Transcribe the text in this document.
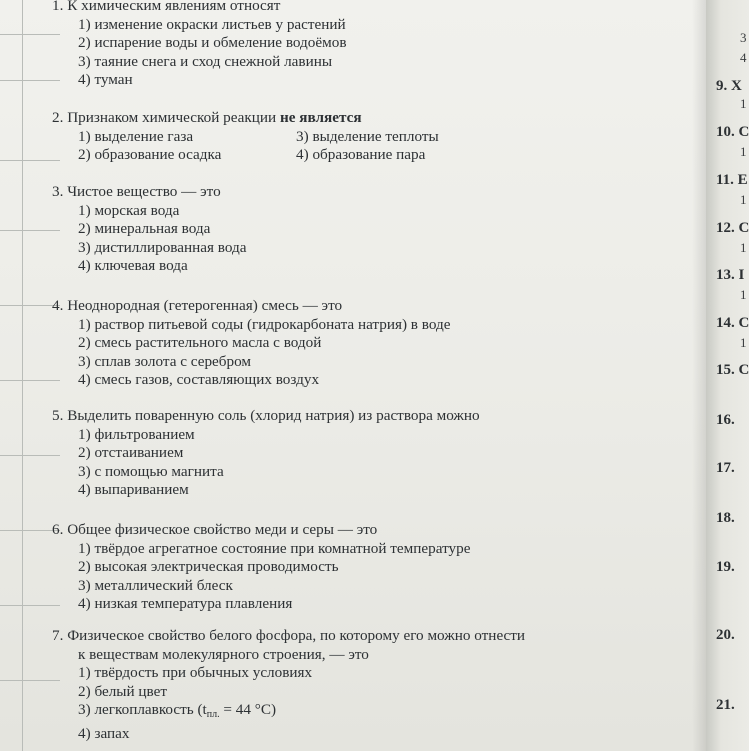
1. К химическим явлениям относят
1) изменение окраски листьев у растений
2) испарение воды и обмеление водоёмов
3) таяние снега и сход снежной лавины
4) туман
2. Признаком химической реакции не является
1) выделение газа	3) выделение теплоты
2) образование осадка	4) образование пара
3. Чистое вещество — это
1) морская вода
2) минеральная вода
3) дистиллированная вода
4) ключевая вода
4. Неоднородная (гетерогенная) смесь — это
1) раствор питьевой соды (гидрокарбоната натрия) в воде
2) смесь растительного масла с водой
3) сплав золота с серебром
4) смесь газов, составляющих воздух
5. Выделить поваренную соль (хлорид натрия) из раствора можно
1) фильтрованием
2) отстаиванием
3) с помощью магнита
4) выпариванием
6. Общее физическое свойство меди и серы — это
1) твёрдое агрегатное состояние при комнатной температуре
2) высокая электрическая проводимость
3) металлический блеск
4) низкая температура плавления
7. Физическое свойство белого фосфора, по которому его можно отнести
к веществам молекулярного строения, — это
1) твёрдость при обычных условиях
2) белый цвет
3) легкоплавкость ($t_{пл.} = 44$ °C)
4) запах
3
4
9. Х
1
10. С
1
11. Е
1
12. С
1
13. I
1
14. С
1
15. С
16.
17.
18.
19.
20.
21.
